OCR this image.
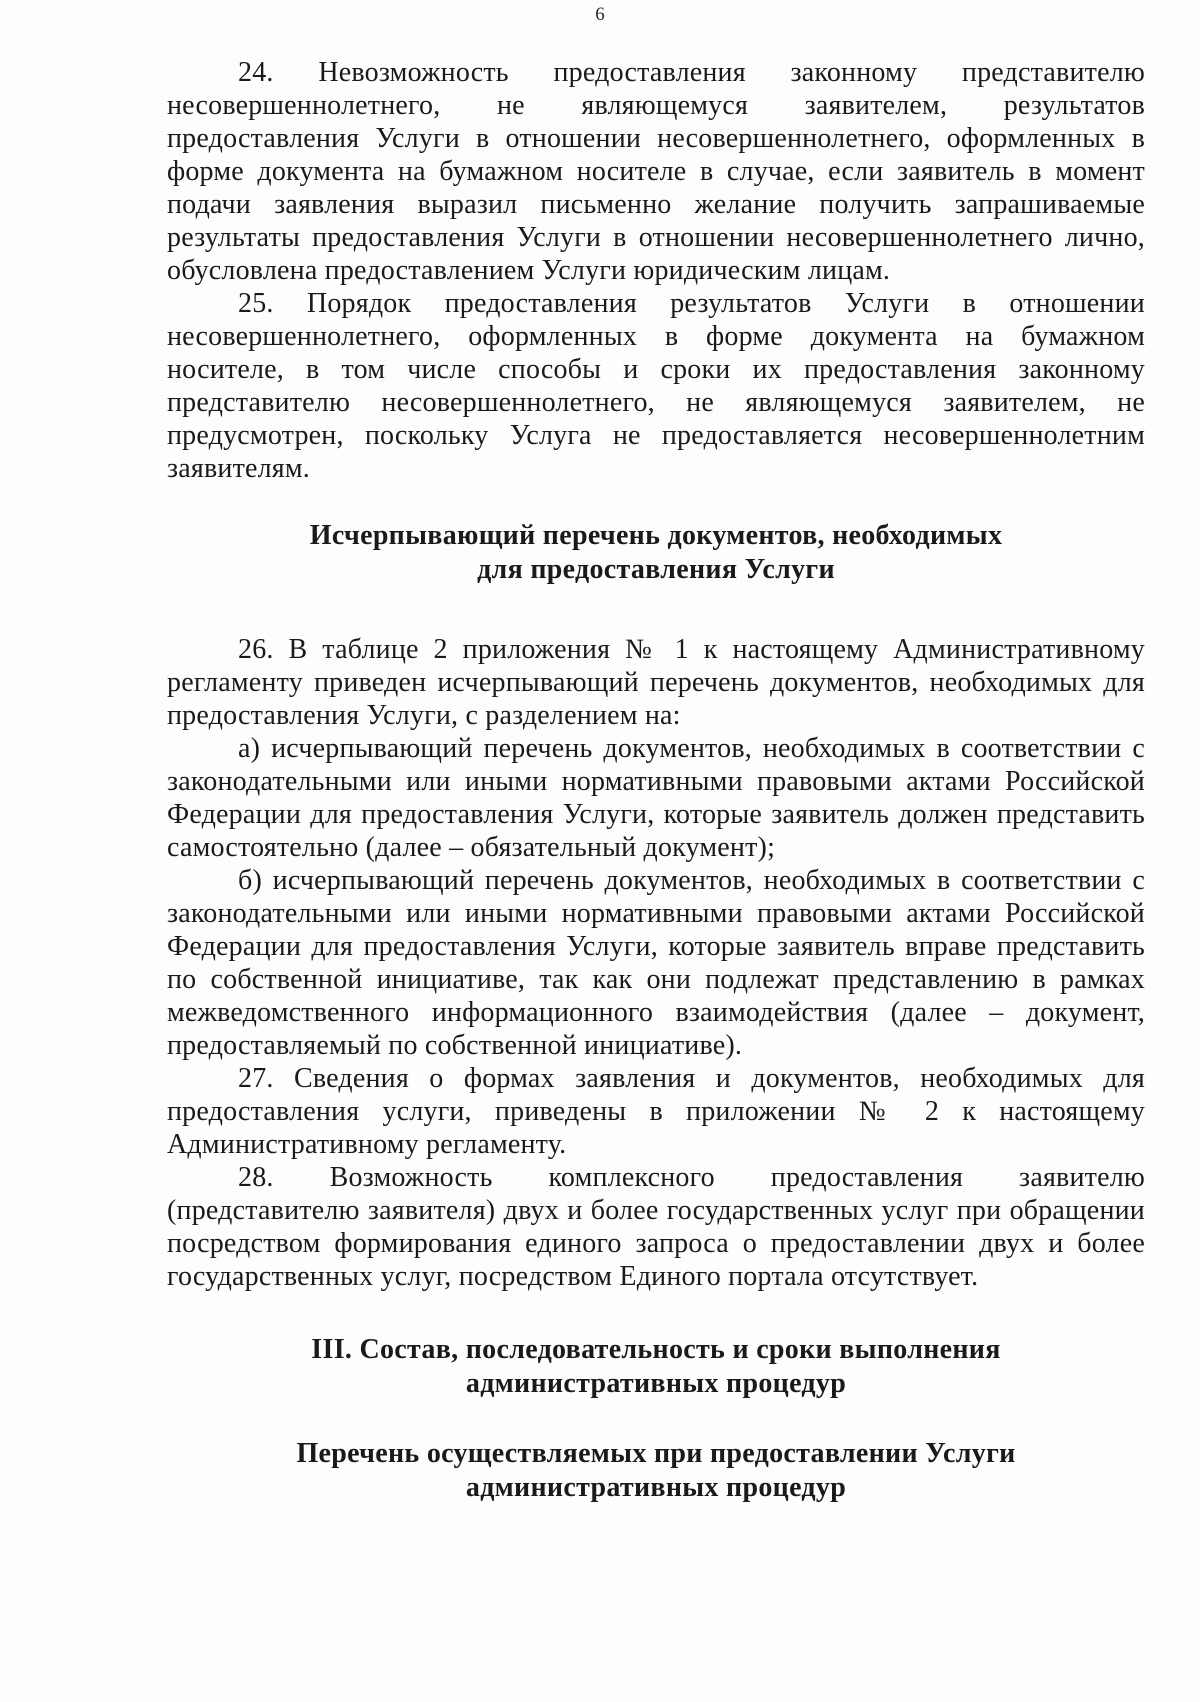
6

24. Невозможность предоставления законному представителю несовершеннолетнего, не являющемуся заявителем, результатов предоставления Услуги в отношении несовершеннолетнего, оформленных в форме документа на бумажном носителе в случае, если заявитель в момент подачи заявления выразил письменно желание получить запрашиваемые результаты предоставления Услуги в отношении несовершеннолетнего лично, обусловлена предоставлением Услуги юридическим лицам.

25. Порядок предоставления результатов Услуги в отношении несовершеннолетнего, оформленных в форме документа на бумажном носителе, в том числе способы и сроки их предоставления законному представителю несовершеннолетнего, не являющемуся заявителем, не предусмотрен, поскольку Услуга не предоставляется несовершеннолетним заявителям.

Исчерпывающий перечень документов, необходимых
для предоставления Услуги

26. В таблице 2 приложения № 1 к настоящему Административному регламенту приведен исчерпывающий перечень документов, необходимых для предоставления Услуги, с разделением на:

а) исчерпывающий перечень документов, необходимых в соответствии с законодательными или иными нормативными правовыми актами Российской Федерации для предоставления Услуги, которые заявитель должен представить самостоятельно (далее – обязательный документ);

б) исчерпывающий перечень документов, необходимых в соответствии с законодательными или иными нормативными правовыми актами Российской Федерации для предоставления Услуги, которые заявитель вправе представить по собственной инициативе, так как они подлежат представлению в рамках межведомственного информационного взаимодействия (далее – документ, предоставляемый по собственной инициативе).

27. Сведения о формах заявления и документов, необходимых для предоставления услуги, приведены в приложении № 2 к настоящему Административному регламенту.

28. Возможность комплексного предоставления заявителю (представителю заявителя) двух и более государственных услуг при обращении посредством формирования единого запроса о предоставлении двух и более государственных услуг, посредством Единого портала отсутствует.

III. Состав, последовательность и сроки выполнения
административных процедур
Перечень осуществляемых при предоставлении Услуги
административных процедур
